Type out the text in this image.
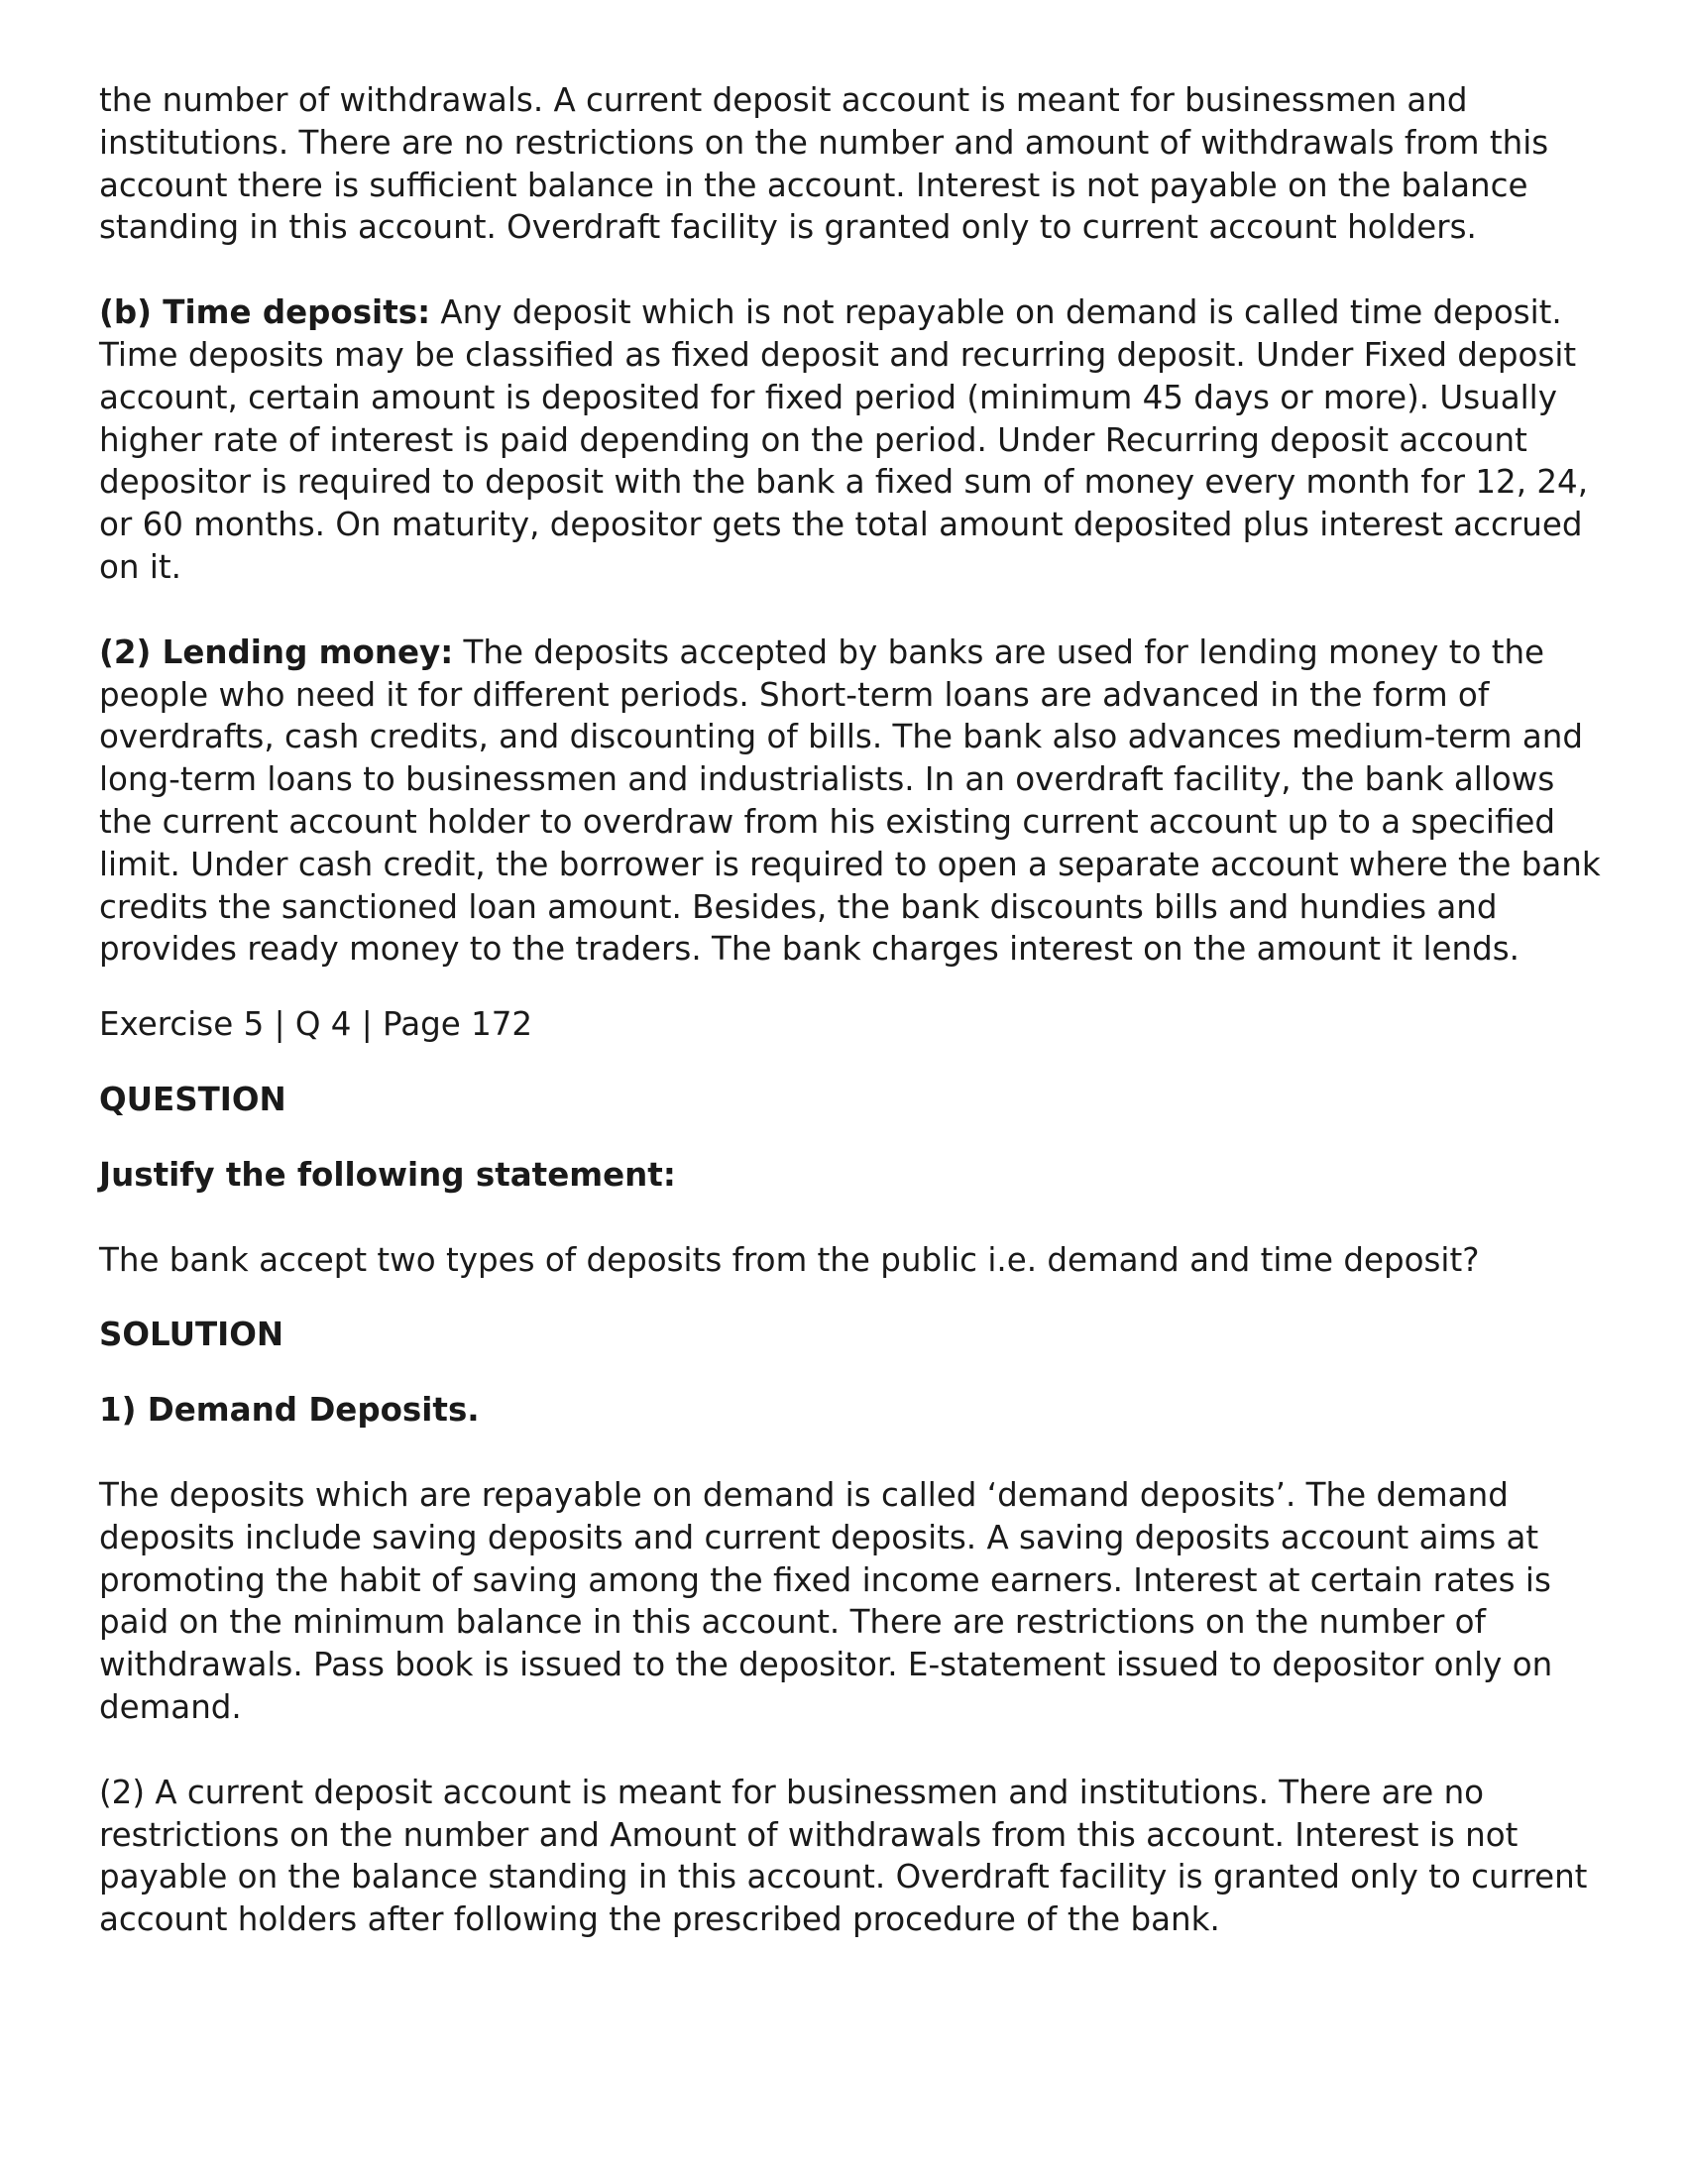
the number of withdrawals. A current deposit account is meant for businessmen and institutions. There are no restrictions on the number and amount of withdrawals from this account there is sufficient balance in the account. Interest is not payable on the balance standing in this account. Overdraft facility is granted only to current account holders.

(b) Time deposits: Any deposit which is not repayable on demand is called time deposit. Time deposits may be classified as fixed deposit and recurring deposit. Under Fixed deposit account, certain amount is deposited for fixed period (minimum 45 days or more). Usually higher rate of interest is paid depending on the period. Under Recurring deposit account depositor is required to deposit with the bank a fixed sum of money every month for 12, 24, or 60 months. On maturity, depositor gets the total amount deposited plus interest accrued on it.

(2) Lending money: The deposits accepted by banks are used for lending money to the people who need it for different periods. Short-term loans are advanced in the form of overdrafts, cash credits, and discounting of bills. The bank also advances medium-term and long-term loans to businessmen and industrialists. In an overdraft facility, the bank allows the current account holder to overdraw from his existing current account up to a specified limit. Under cash credit, the borrower is required to open a separate account where the bank credits the sanctioned loan amount. Besides, the bank discounts bills and hundies and provides ready money to the traders. The bank charges interest on the amount it lends.

Exercise 5 | Q 4 | Page 172

QUESTION

Justify the following statement:

The bank accept two types of deposits from the public i.e. demand and time deposit?

SOLUTION

1) Demand Deposits.

The deposits which are repayable on demand is called ‘demand deposits’. The demand deposits include saving deposits and current deposits. A saving deposits account aims at promoting the habit of saving among the fixed income earners. Interest at certain rates is paid on the minimum balance in this account. There are restrictions on the number of withdrawals. Pass book is issued to the depositor. E-statement issued to depositor only on demand.

(2) A current deposit account is meant for businessmen and institutions. There are no restrictions on the number and Amount of withdrawals from this account. Interest is not payable on the balance standing in this account. Overdraft facility is granted only to current account holders after following the prescribed procedure of the bank.
